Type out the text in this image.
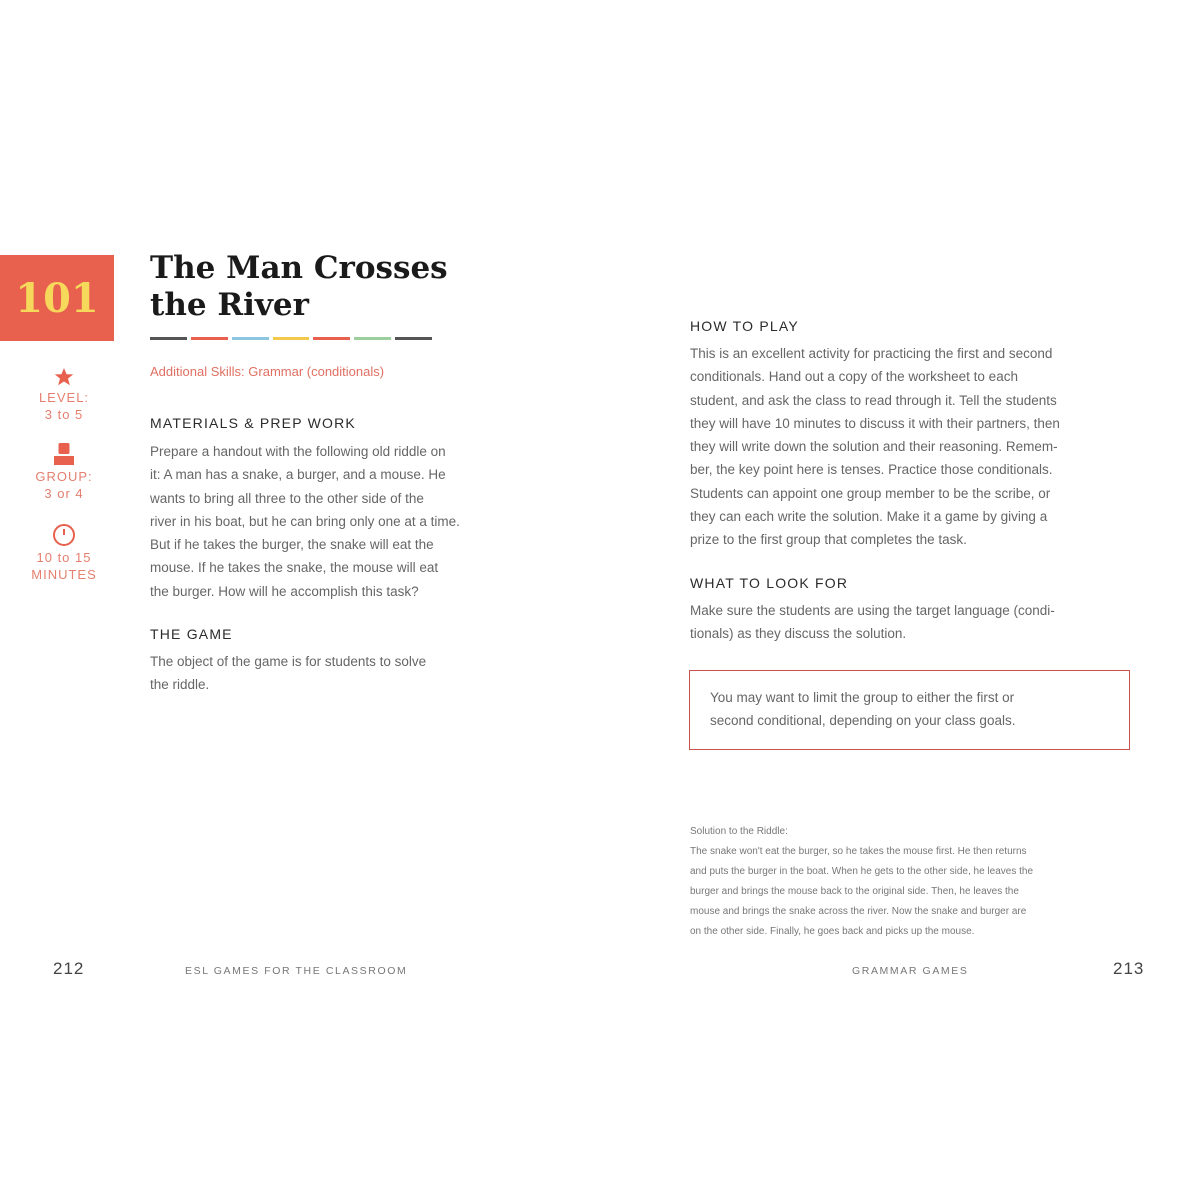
101
LEVEL:
3 to 5
GROUP:
3 or 4
10 to 15
MINUTES
The Man Crosses
the River
Additional Skills: Grammar (conditionals)
MATERIALS & PREP WORK
Prepare a handout with the following old riddle on
it: A man has a snake, a burger, and a mouse. He
wants to bring all three to the other side of the
river in his boat, but he can bring only one at a time.
But if he takes the burger, the snake will eat the
mouse. If he takes the snake, the mouse will eat
the burger. How will he accomplish this task?
THE GAME
The object of the game is for students to solve
the riddle.
HOW TO PLAY
This is an excellent activity for practicing the first and second
conditionals. Hand out a copy of the worksheet to each
student, and ask the class to read through it. Tell the students
they will have 10 minutes to discuss it with their partners, then
they will write down the solution and their reasoning. Remem-
ber, the key point here is tenses. Practice those conditionals.
Students can appoint one group member to be the scribe, or
they can each write the solution. Make it a game by giving a
prize to the first group that completes the task.
WHAT TO LOOK FOR
Make sure the students are using the target language (condi-
tionals) as they discuss the solution.

You may want to limit the group to either the first or

second conditional, depending on your class goals.

Solution to the Riddle:

The snake won't eat the burger, so he takes the mouse first. He then returns

and puts the burger in the boat. When he gets to the other side, he leaves the

burger and brings the mouse back to the original side. Then, he leaves the

mouse and brings the snake across the river. Now the snake and burger are

on the other side. Finally, he goes back and picks up the mouse.

212	ESL GAMES FOR THE CLASSROOM	GRAMMAR GAMES	213
